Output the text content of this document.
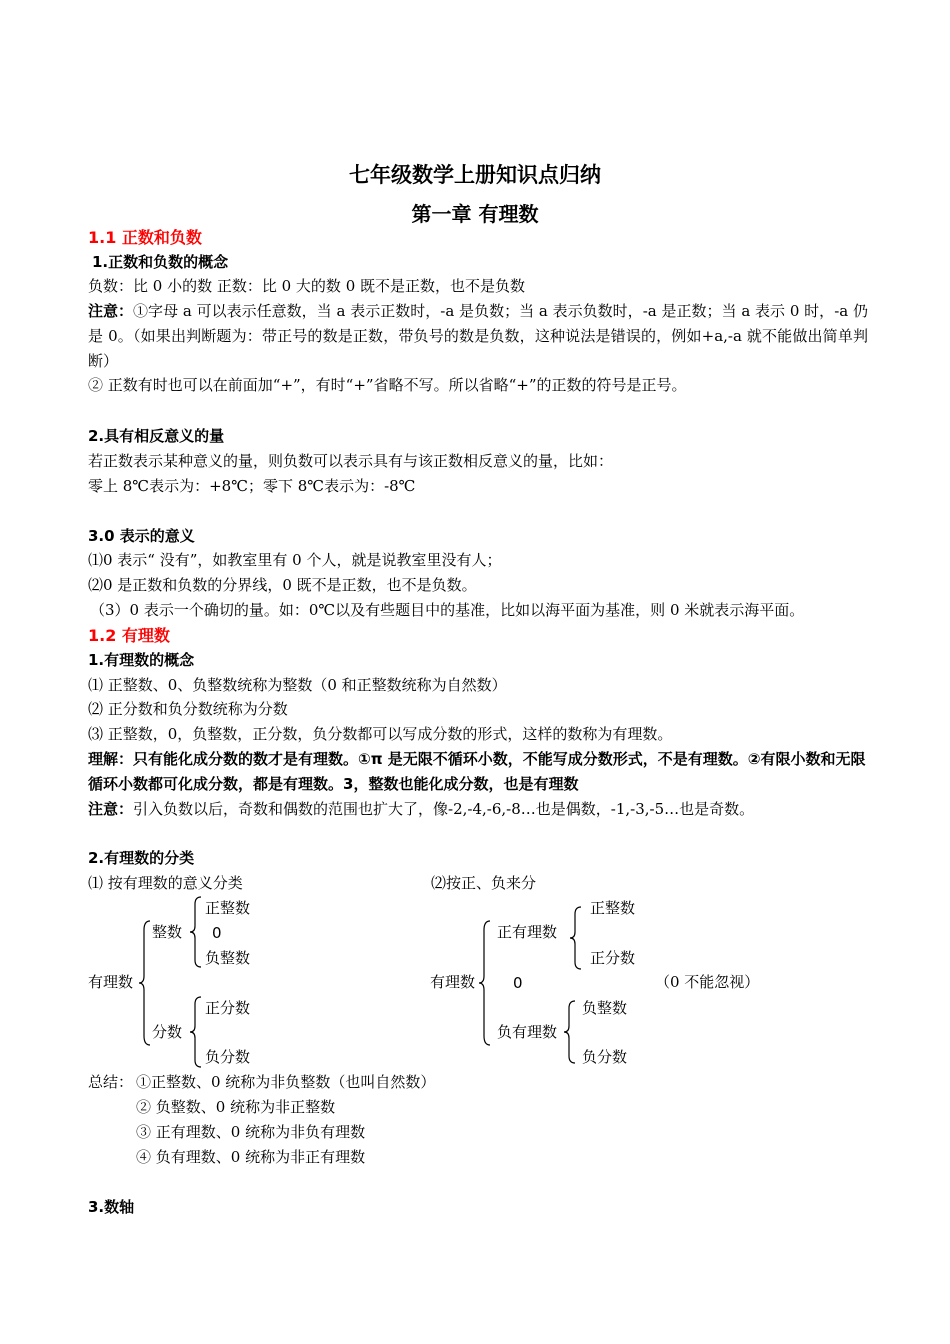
七年级数学上册知识点归纳
第一章 有理数
1.1 正数和负数
1.正数和负数的概念
负数：比 0 小的数 正数：比 0 大的数 0 既不是正数，也不是负数
注意：①字母 a 可以表示任意数，当 a 表示正数时，-a 是负数；当 a 表示负数时，-a 是正数；当 a 表示 0 时，-a 仍是 0。（如果出判断题为：带正号的数是正数，带负号的数是负数，这种说法是错误的，例如+a,-a 就不能做出简单判断）
② 正数有时也可以在前面加“+”，有时“+”省略不写。所以省略“+”的正数的符号是正号。
2.具有相反意义的量
若正数表示某种意义的量，则负数可以表示具有与该正数相反意义的量，比如：
零上 8℃表示为：+8℃；零下 8℃表示为：-8℃
3.0 表示的意义
⑴0 表示“ 没有”，如教室里有 0 个人，就是说教室里没有人；
⑵0 是正数和负数的分界线，0 既不是正数，也不是负数。
（3）0 表示一个确切的量。如：0℃以及有些题目中的基准，比如以海平面为基准，则 0 米就表示海平面。
1.2 有理数
1.有理数的概念
⑴ 正整数、0、负整数统称为整数（0 和正整数统称为自然数）
⑵ 正分数和负分数统称为分数
⑶ 正整数，0，负整数，正分数，负分数都可以写成分数的形式，这样的数称为有理数。
理解：只有能化成分数的数才是有理数。①π 是无限不循环小数，不能写成分数形式，不是有理数。②有限小数和无限循环小数都可化成分数，都是有理数。3，整数也能化成分数，也是有理数
注意：引入负数以后，奇数和偶数的范围也扩大了，像-2,-4,-6,-8…也是偶数，-1,-3,-5…也是奇数。
2.有理数的分类
⑴ 按有理数的意义分类
有理数
整数
正整数
0
负整数
分数
正分数
负分数
⑵按正、负来分
有理数
正有理数
正整数
正分数
0	（0 不能忽视）
负有理数
负整数
负分数
总结： ①正整数、0 统称为非负整数（也叫自然数）
② 负整数、0 统称为非正整数
③ 正有理数、0 统称为非负有理数
④ 负有理数、0 统称为非正有理数
3.数轴
